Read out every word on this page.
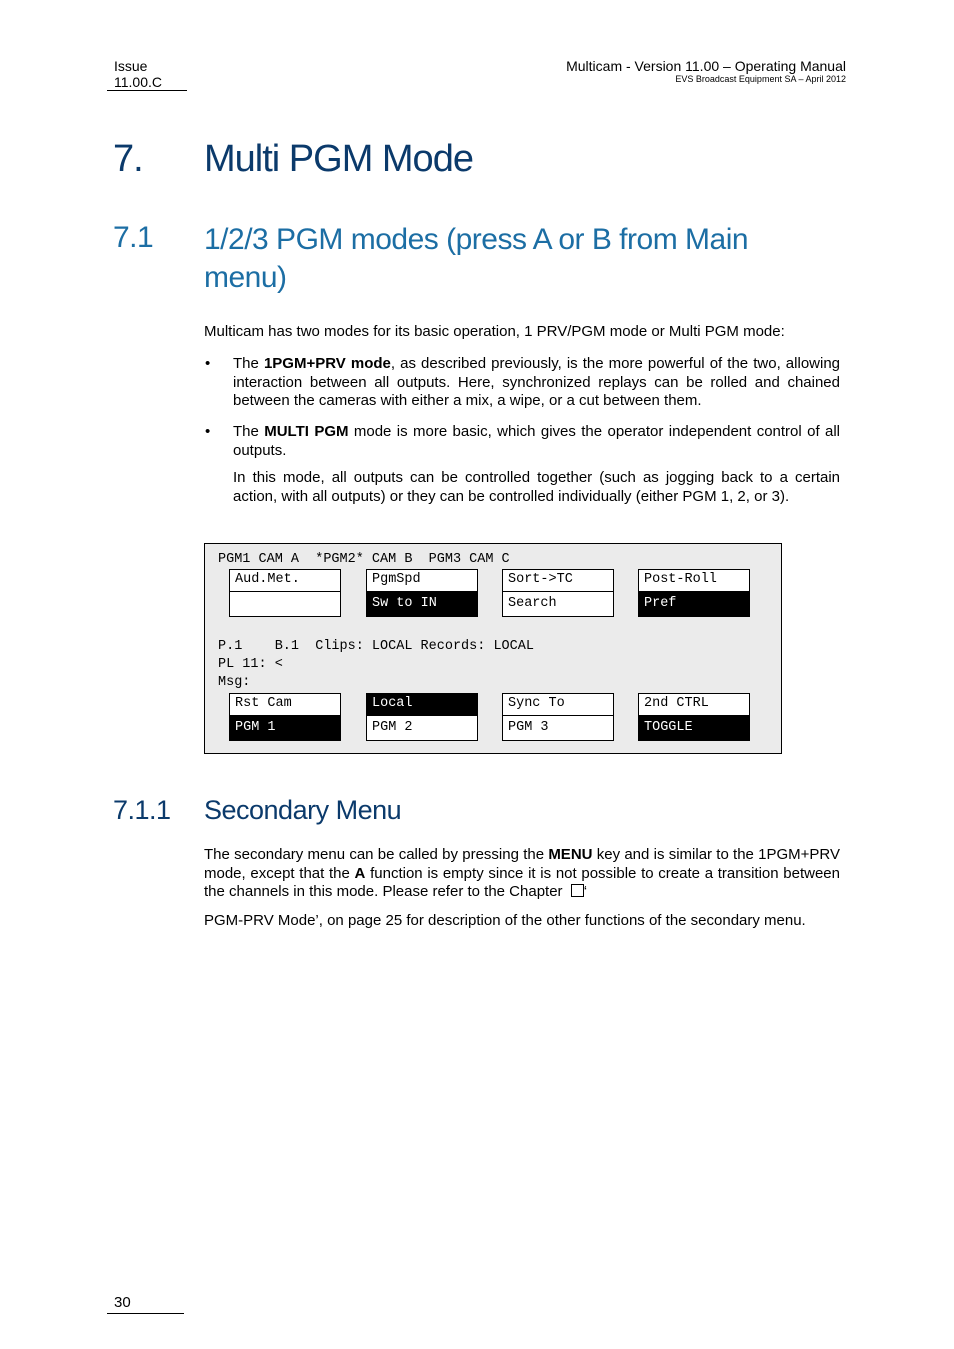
Issue
11.00.C
Multicam - Version 11.00 – Operating Manual
EVS Broadcast Equipment SA – April 2012
7. Multi PGM Mode
7.1 1/2/3 PGM modes (press A or B from Main menu)
Multicam has two modes for its basic operation, 1 PRV/PGM mode or Multi PGM mode:
• The 1PGM+PRV mode, as described previously, is the more powerful of the two, allowing interaction between all outputs. Here, synchronized replays can be rolled and chained between the cameras with either a mix, a wipe, or a cut between them.
• The MULTI PGM mode is more basic, which gives the operator independent control of all outputs.
In this mode, all outputs can be controlled together (such as jogging back to a certain action, with all outputs) or they can be controlled individually (either PGM 1, 2, or 3).
PGM1 CAM A  *PGM2* CAM B  PGM3 CAM C
Aud.Met.	PgmSpd
Sw to IN
Sort->TC
Search
Post-Roll
Pref
P.1    B.1  Clips: LOCAL Records: LOCAL
PL 11: <
Msg:
Rst Cam
PGM 1
Local
PGM 2
Sync To
PGM 3
2nd CTRL
TOGGLE
7.1.1 Secondary Menu
The secondary menu can be called by pressing the MENU key and is similar to the 1PGM+PRV mode, except that the A function is empty since it is not possible to create a transition between the channels in this mode. Please refer to the Chapter ‘
PGM-PRV Mode’, on page 25 for description of the other functions of the secondary menu.
30
